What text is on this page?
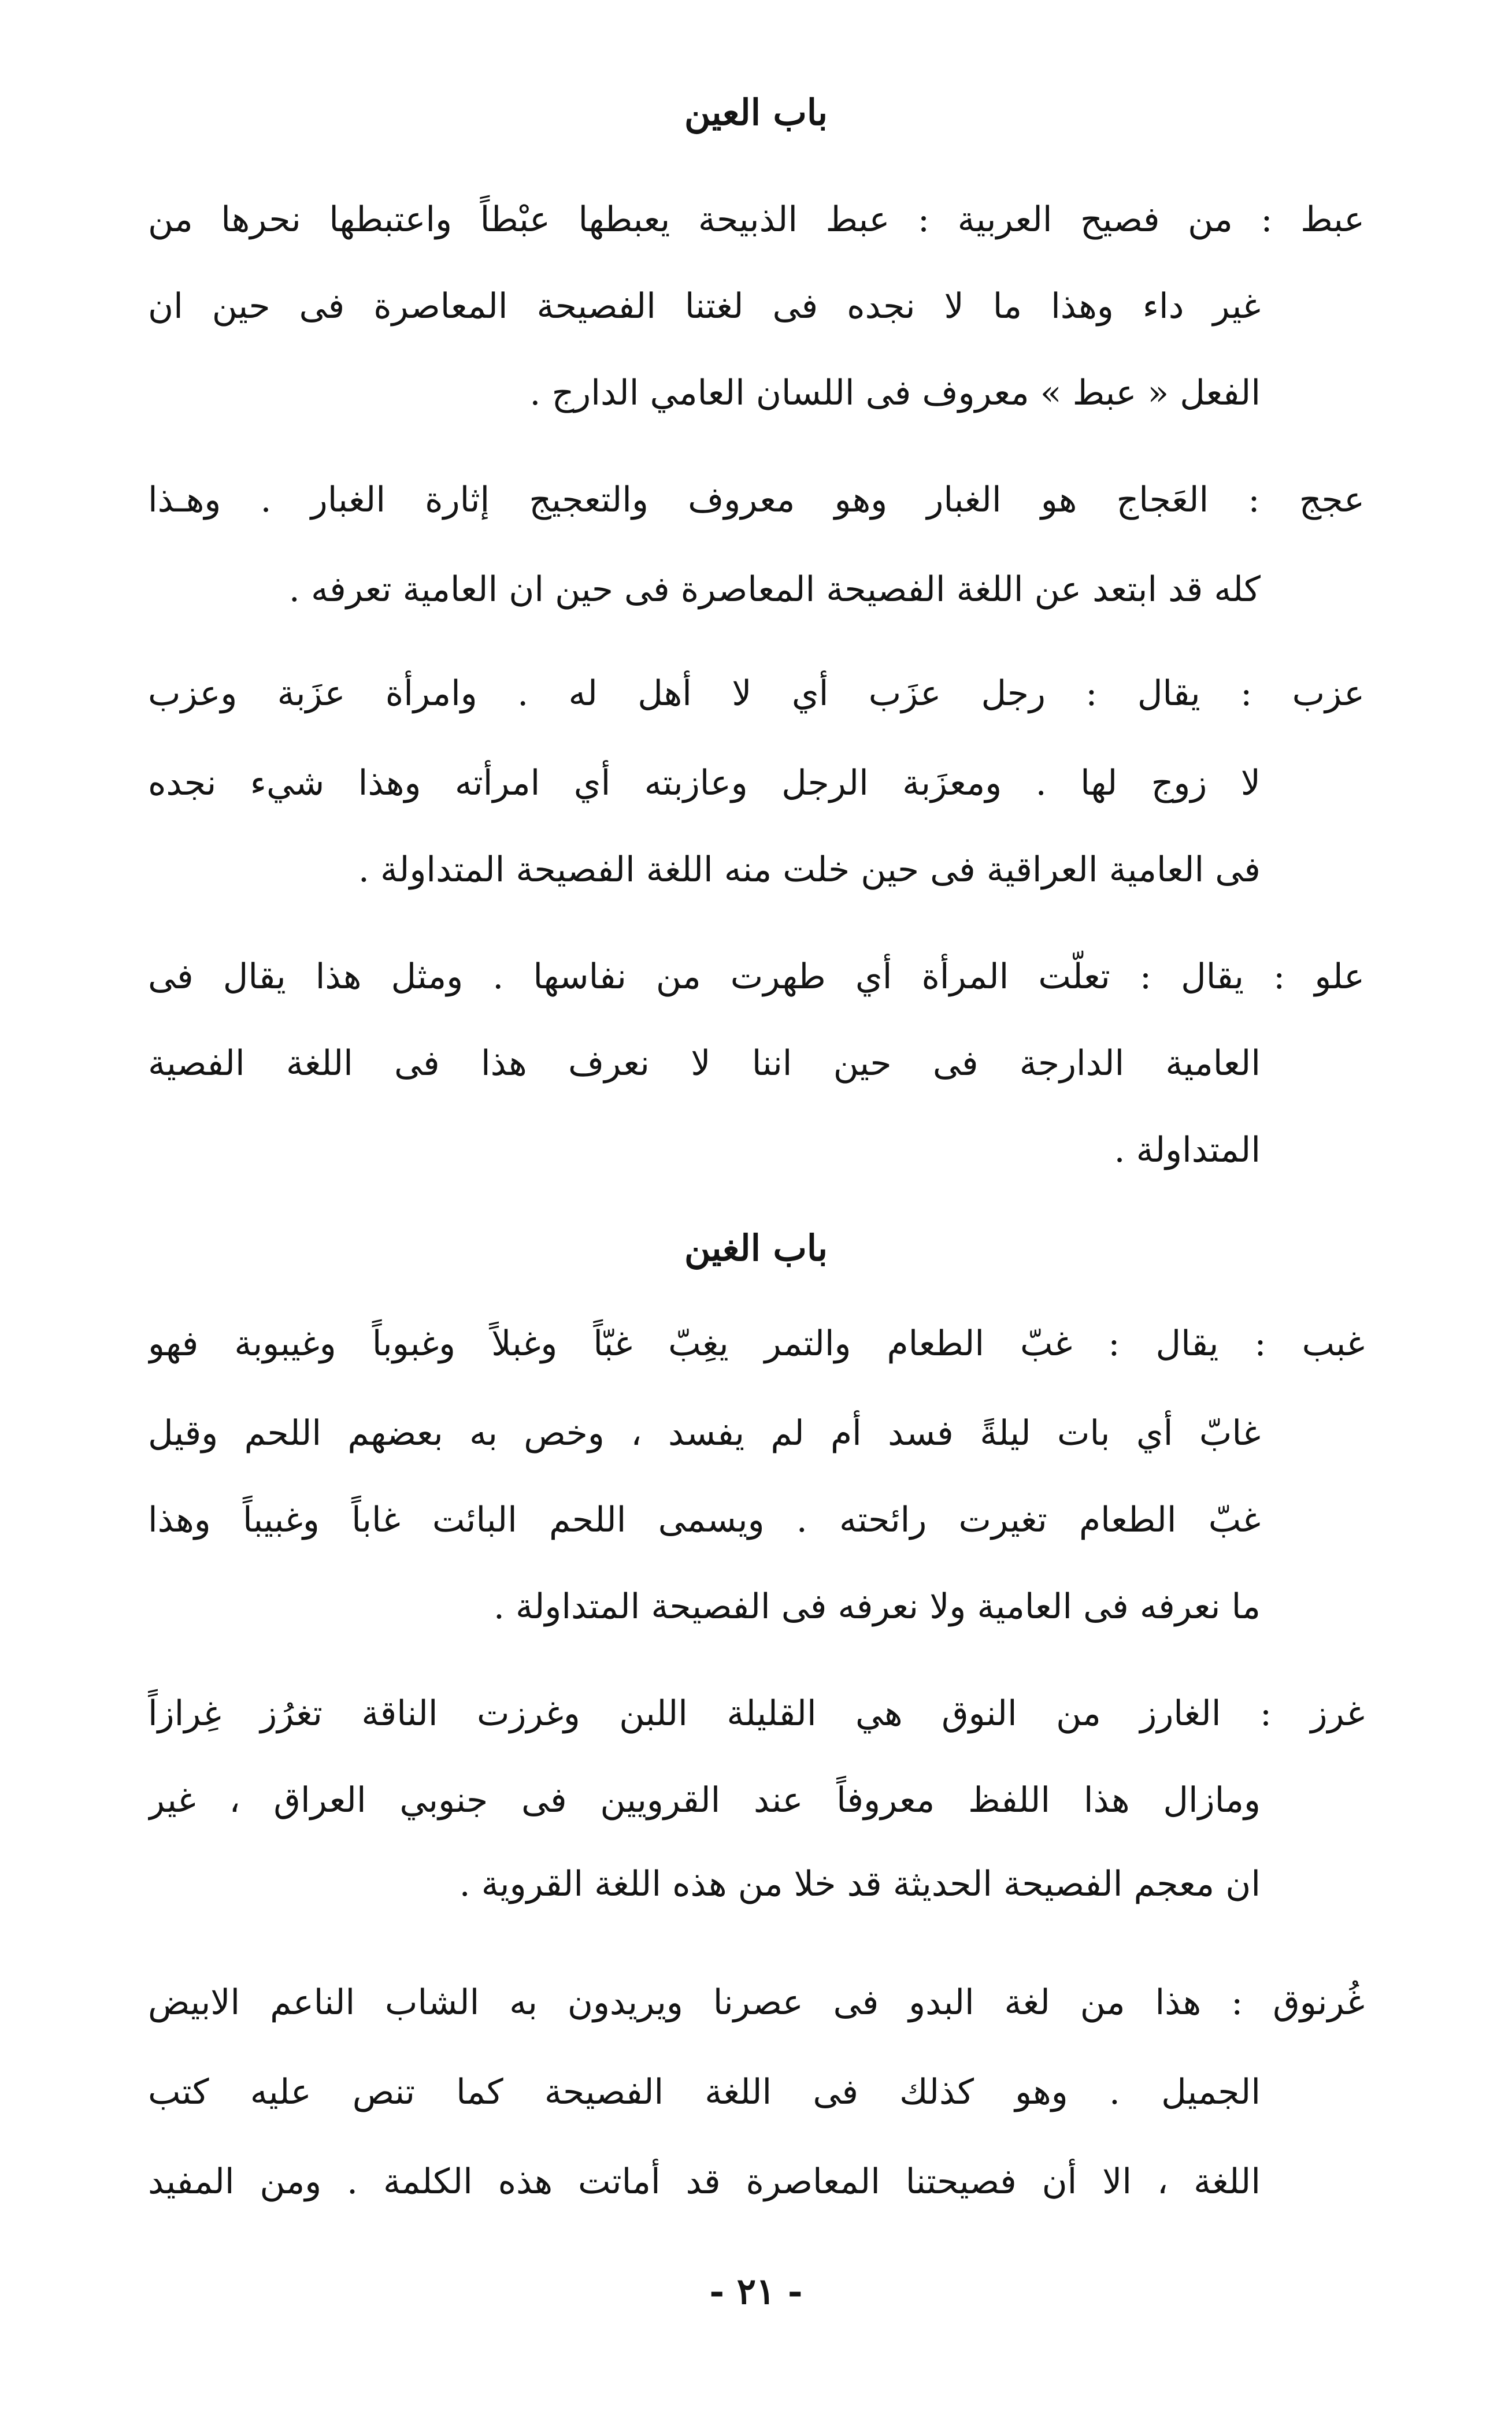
باب العين
عبط : من فصيح العربية : عبط الذبيحة يعبطها عبْطاً واعتبطها نحرها من
غير داء وهذا ما لا نجده فى لغتنا الفصيحة المعاصرة فى حين ان
الفعل « عبط » معروف فى اللسان العامي الدارج .
عجج : العَجاج هو الغبار وهو معروف والتعجيج إثارة الغبار . وهـذا
كله قد ابتعد عن اللغة الفصيحة المعاصرة فى حين ان العامية تعرفه .
عزب : يقال : رجل عزَب أي لا أهل له . وامرأة عزَبة وعزب
لا زوج لها . ومعزَبة الرجل وعازبته أي امرأته وهذا شيء نجده
فى العامية العراقية فى حين خلت منه اللغة الفصيحة المتداولة .
علو : يقال : تعلّت المرأة أي طهرت من نفاسها . ومثل هذا يقال فى
العامية الدارجة فى حين اننا لا نعرف هذا فى اللغة الفصية
المتداولة .
باب الغين
غبب : يقال : غبّ الطعام والتمر يغِبّ غبّاً وغبلاً وغبوباً وغيبوبة فهو
غابّ أي بات ليلةً فسد أم لم يفسد ، وخص به بعضهم اللحم وقيل
غبّ الطعام تغيرت رائحته . ويسمى اللحم البائت غاباً وغبيباً وهذا
ما نعرفه فى العامية ولا نعرفه فى الفصيحة المتداولة .
غرز : الغارز من النوق هي القليلة اللبن وغرزت الناقة تغرُز غِرازاً
ومازال هذا اللفظ معروفاً عند القرويين فى جنوبي العراق ، غير
ان معجم الفصيحة الحديثة قد خلا من هذه اللغة القروية .
غُرنوق : هذا من لغة البدو فى عصرنا ويريدون به الشاب الناعم الابيض
الجميل . وهو كذلك فى اللغة الفصيحة كما تنص عليه كتب
اللغة ، الا أن فصيحتنا المعاصرة قد أماتت هذه الكلمة . ومن المفيد
- ٢١ -
